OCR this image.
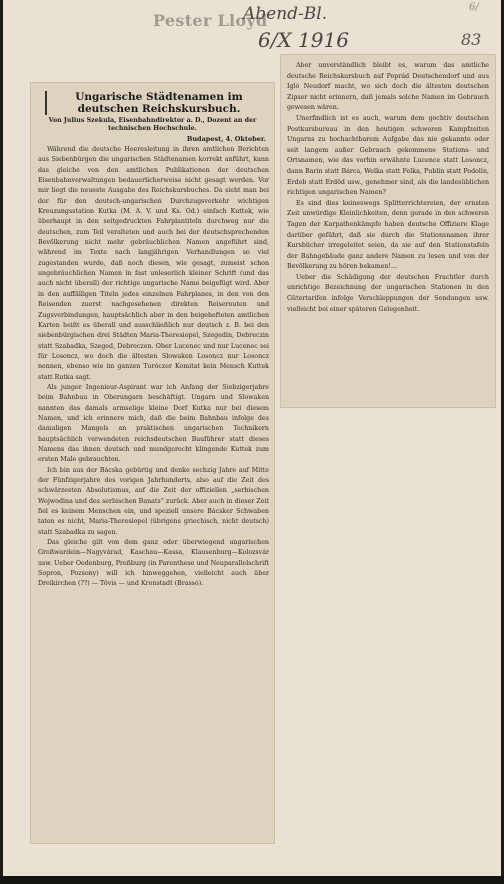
Pester Lloyd
Abend-Bl.
6/X 1916	83
6/
Ungarische Städtenamen im deutschen Reichskursbuch.
Von Julius Szekula, Eisenbahndirektor a. D., Dozent an der technischen Hochschule.
Budapest, 4. Oktober.

Während die deutsche Heeresleitung in ihren amtlichen Berichten aus Siebenbürgen die ungarischen Städtenamen korrekt anführt, kann das gleiche von den amtlichen Publikationen der deutschen Eisenbahnverwaltungen bedauerlicherweise nicht gesagt werden. Vor mir liegt die neueste Ausgabe des Reichskursbuches. Da sieht man bei der für den deutsch-ungarischen Durchzugsverkehr wichtigen Kreuzungsstation Kutka (M. A. V. und Ks. Od.) einfach Kuttek, wie überhaupt in den seitgedruckten Fahrplantiteln durchweg nur die deutschen, zum Teil veralteten und auch bei der deutschsprechenden Bevölkerung nicht mehr gebräuchlichen Namen angeführt sind, während im Texte nach langjährigen Verhandlungen so viel zugestanden wurde, daß noch diesen, wie gesagt, zumeist schon ungebräuchlichen Namen in fast unleserlich kleiner Schrift (und das auch nicht überall) der richtige ungarische Name beigefügt wird. Aber in den auffälligen Titeln jedes einzelnen Fahrplanes, in den von den Reisenden zuerst nachgesehenen direkten Reiserouten und Zugsverbindungen, hauptsächlich aber in den beigehefteten amtlichen Karten heißt es überall und ausschließlich nur deutsch z. B. bei den siebenbürgischen drei Städten Maria-Theresiopel, Szegedin, Debreczin statt Szabadka, Szeged, Debreczen. Ober Lucenec und nur Lucenec sei für Losoncz, wo doch die ältesten Slowaken Losoncz nur Losoncz nennen, ebenso wie im ganzen Turóczer Komitat kein Mensch Kuttek statt Rutka sagt.

Als junger Ingenieur-Aspirant war ich Anfang der Siebzigerjahre beim Bahnbau in Oberungarn beschäftigt. Ungarn und Slowaken nannten das damals armselige kleine Dorf Kutka nur bei diesem Namen, und ich erinnere mich, daß die beim Bahnbau infolge des damaligen Mangels an praktischen ungarischen Technikern hauptsächlich verwendeten reichsdeutschen Bauführer statt dieses Namens das ihnen deutsch und mundgerecht klingende Kuttek zum ersten Male gebrauchten.

Ich bin aus der Bácska gebürtig und denke sechzig Jahre auf Mitte der Fünfzigerjahre des vorigen Jahrhunderts, also auf die Zeit des schwärzesten Absolutismus, auf die Zeit der offiziellen „serbischen Wojwodina und des serbischen Banats“ zurück. Aber auch in dieser Zeit fiel es keinem Menschen ein, und speziell unsere Bácsker Schwaben taten es nicht, Maria-Theresiopel (übrigens griechisch, nicht deutsch) statt Szabadka zu sagen.

Das gleiche gilt von dem ganz oder überwiegend ungarischen Großwardein—Nagyvárad, Kaschau—Kassa, Klausenburg—Kolozsvár usw. Ueber Oedenburg, Preßburg (in Parenthese und Neuparallelschrift Sopron, Pozsony) will ich hinweggehen, vielleicht auch über Dreikirchen (??) — Tövis — und Kronstadt (Brassó).

Aber unverständlich bleibt es, warum das amtliche deutsche Reichskursbuch auf Poprád Deutschendorf und aus Igló Neudorf macht, wo sich doch die ältesten deutschen Zipser nicht erinnern, daß jemals solche Namen im Gebrauch gewesen wären.

Unerfindlich ist es auch, warum dem gochtiv deutschen Postkursbureau in den heutigen schweren Kampfzeiten Ungarns zu hochachtbarem Aufgabe das nie gekannte oder seit langem außer Gebrauch gekommene Stations- und Ortsnamen, wie das vorhin erwähnte Lucence statt Losoncz, dann Barin statt Bárca, Welka statt Felka, Publin statt Podolin, Erdob statt Erdöd usw., genehmer sind, als die landesüblichen richtigen ungarischen Namen?

Es sind dies keineswegs Splitterrichtereien, der ernsten Zeit unwürdige Kleinlichkeiten, denn gerade in den schweren Tagen der Karpathenkämpfe haben deutsche Offiziere Klage darüber geführt, daß sie durch die Stationsnamen ihrer Kursbücher irregeleitet seien, da sie auf den Stationstafeln der Bahngebäude ganz andere Namen zu lesen und von der Bevölkerung zu hören bekamen!...

Ueber die Schädigung der deutschen Frachtler durch unrichtige Bezeichnung der ungarischen Stationen in den Gütertarifen infolge Verschleppungen der Sendungen usw. vielleicht bei einer späteren Gelegenheit.
